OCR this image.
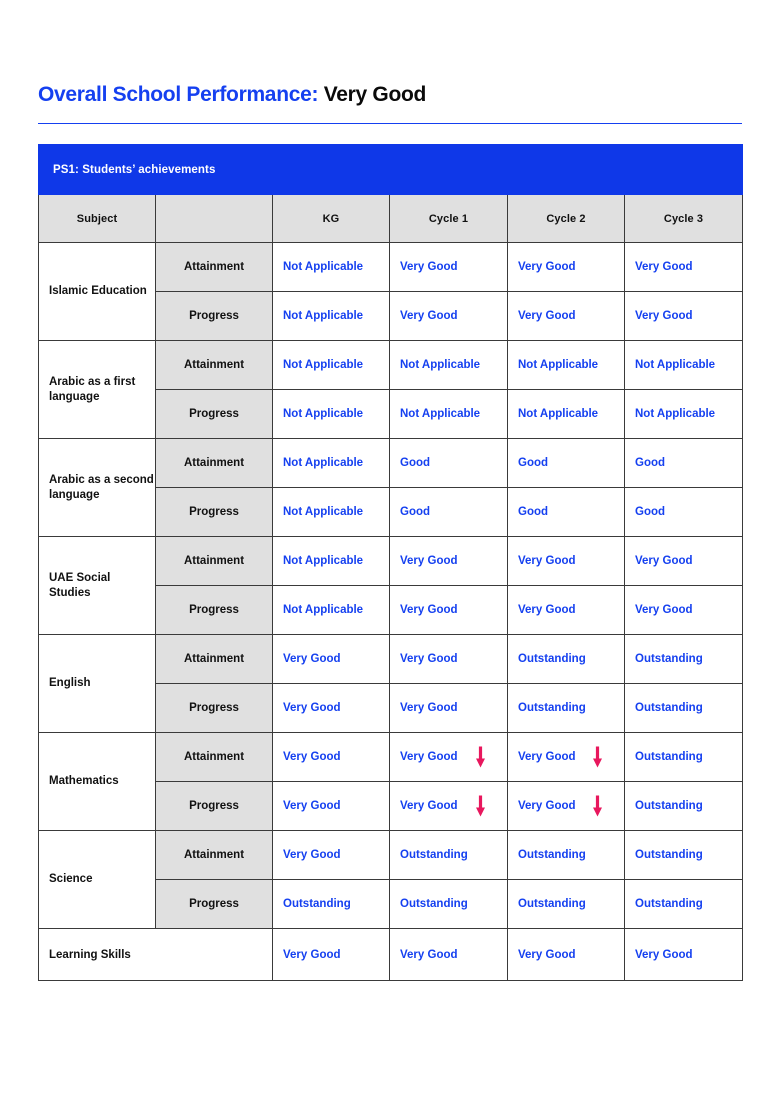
Overall School Performance: Very Good
PS1: Students’ achievements					
Subject		KG	Cycle 1	Cycle 2	Cycle 3
Islamic Education	Attainment	Not Applicable	Very Good	Very Good	Very Good
	Progress	Not Applicable	Very Good	Very Good	Very Good
Arabic as a first language	Attainment	Not Applicable	Not Applicable	Not Applicable	Not Applicable
	Progress	Not Applicable	Not Applicable	Not Applicable	Not Applicable
Arabic as a second language	Attainment	Not Applicable	Good	Good	Good
	Progress	Not Applicable	Good	Good	Good
UAE Social Studies	Attainment	Not Applicable	Very Good	Very Good	Very Good
	Progress	Not Applicable	Very Good	Very Good	Very Good
English	Attainment	Very Good	Very Good	Outstanding	Outstanding
	Progress	Very Good	Very Good	Outstanding	Outstanding
Mathematics	Attainment	Very Good	Very Good	Very Good	Outstanding
	Progress	Very Good	Very Good	Very Good	Outstanding
Science	Attainment	Very Good	Outstanding	Outstanding	Outstanding
	Progress	Outstanding	Outstanding	Outstanding	Outstanding
Learning Skills		Very Good	Very Good	Very Good	Very Good
